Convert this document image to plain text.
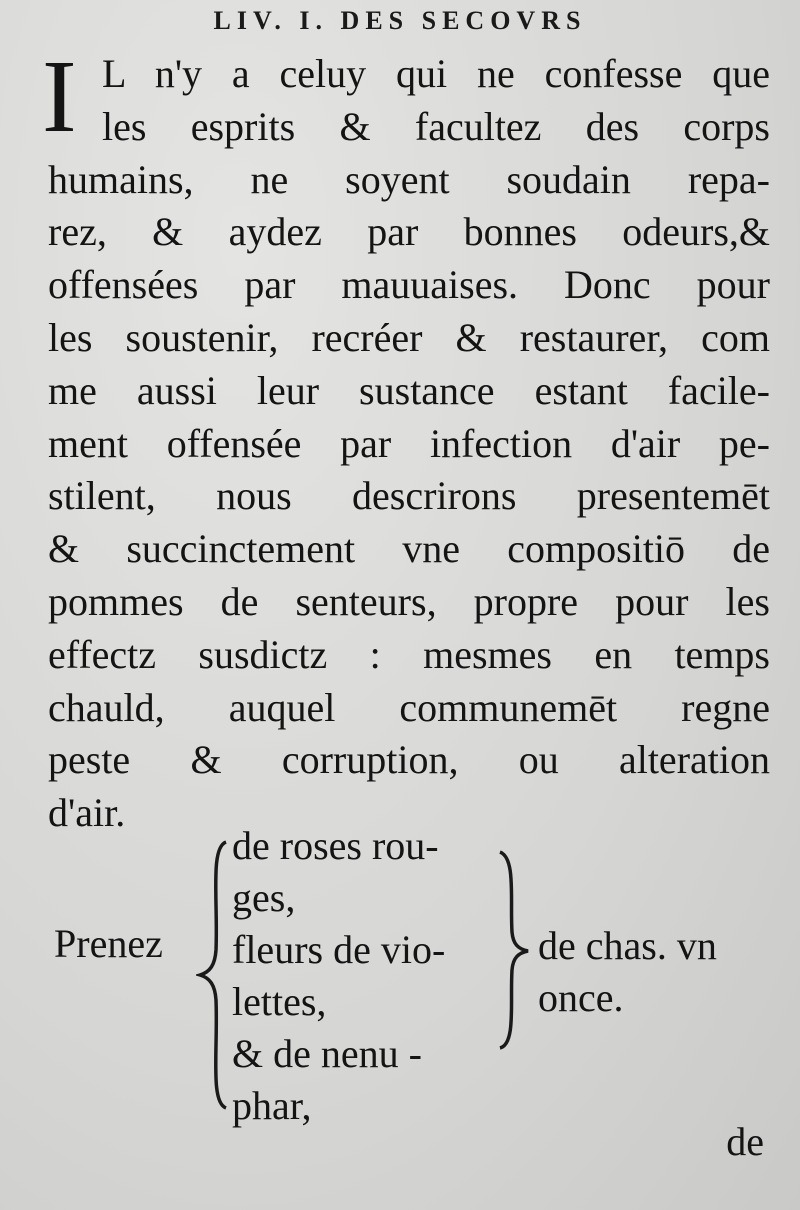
LIV. I. DES SECOVRS
I L n'y a celuy qui ne confesse que
les esprits & facultez des corps
humains, ne soyent soudain repa-
rez, & aydez par bonnes odeurs,&
offensées par mauuaises. Donc pour
les soustenir, recréer & restaurer, com
me aussi leur sustance estant facile-
ment offensée par infection d'air pe-
stilent, nous descrirons presentemēt
& succinctement vne compositiō de
pommes de senteurs, propre pour les
effectz susdictz : mesmes en temps
chauld, auquel communemēt regne
peste & corruption, ou alteration
d'air.
Prenez
de roses rou-
ges,
fleurs de vio-
lettes,
& de nenu -
phar,
de chas. vn
once.
de
